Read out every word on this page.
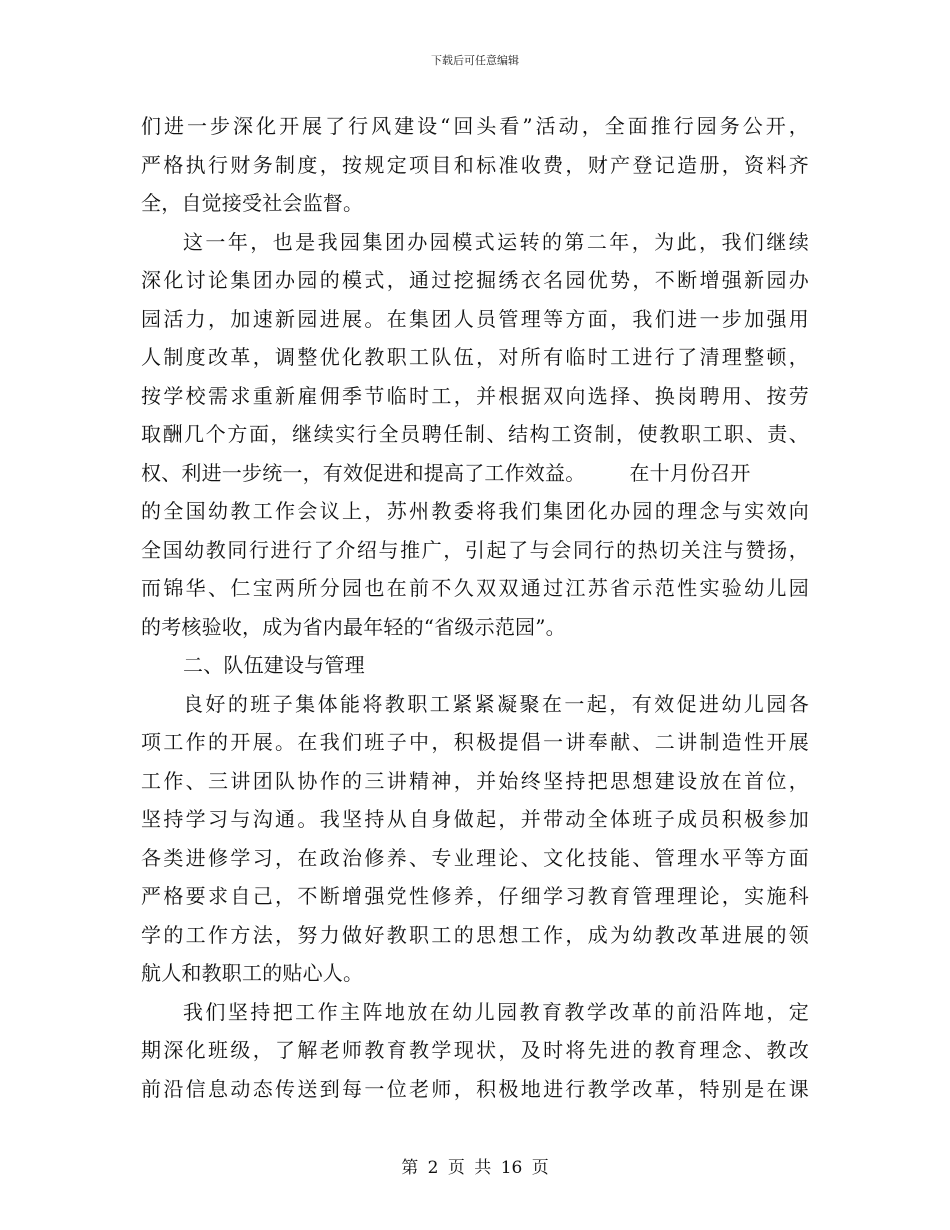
下载后可任意编辑
们进一步深化开展了行风建设“回头看”活动，全面推行园务公开，
严格执行财务制度，按规定项目和标准收费，财产登记造册，资料齐
全，自觉接受社会监督。
这一年，也是我园集团办园模式运转的第二年，为此，我们继续
深化讨论集团办园的模式，通过挖掘绣衣名园优势，不断增强新园办
园活力，加速新园进展。在集团人员管理等方面，我们进一步加强用
人制度改革，调整优化教职工队伍，对所有临时工进行了清理整顿，
按学校需求重新雇佣季节临时工，并根据双向选择、换岗聘用、按劳
取酬几个方面，继续实行全员聘任制、结构工资制，使教职工职、责、
权、利进一步统一，有效促进和提高了工作效益。 在十月份召开
的全国幼教工作会议上，苏州教委将我们集团化办园的理念与实效向
全国幼教同行进行了介绍与推广，引起了与会同行的热切关注与赞扬，
而锦华、仁宝两所分园也在前不久双双通过江苏省示范性实验幼儿园
的考核验收，成为省内最年轻的“省级示范园”。
二、队伍建设与管理
良好的班子集体能将教职工紧紧凝聚在一起，有效促进幼儿园各
项工作的开展。在我们班子中，积极提倡一讲奉献、二讲制造性开展
工作、三讲团队协作的三讲精神，并始终坚持把思想建设放在首位，
坚持学习与沟通。我坚持从自身做起，并带动全体班子成员积极参加
各类进修学习，在政治修养、专业理论、文化技能、管理水平等方面
严格要求自己，不断增强党性修养，仔细学习教育管理理论，实施科
学的工作方法，努力做好教职工的思想工作，成为幼教改革进展的领
航人和教职工的贴心人。
我们坚持把工作主阵地放在幼儿园教育教学改革的前沿阵地，定
期深化班级，了解老师教育教学现状，及时将先进的教育理念、教改
前沿信息动态传送到每一位老师，积极地进行教学改革，特别是在课
第 2 页 共 16 页
